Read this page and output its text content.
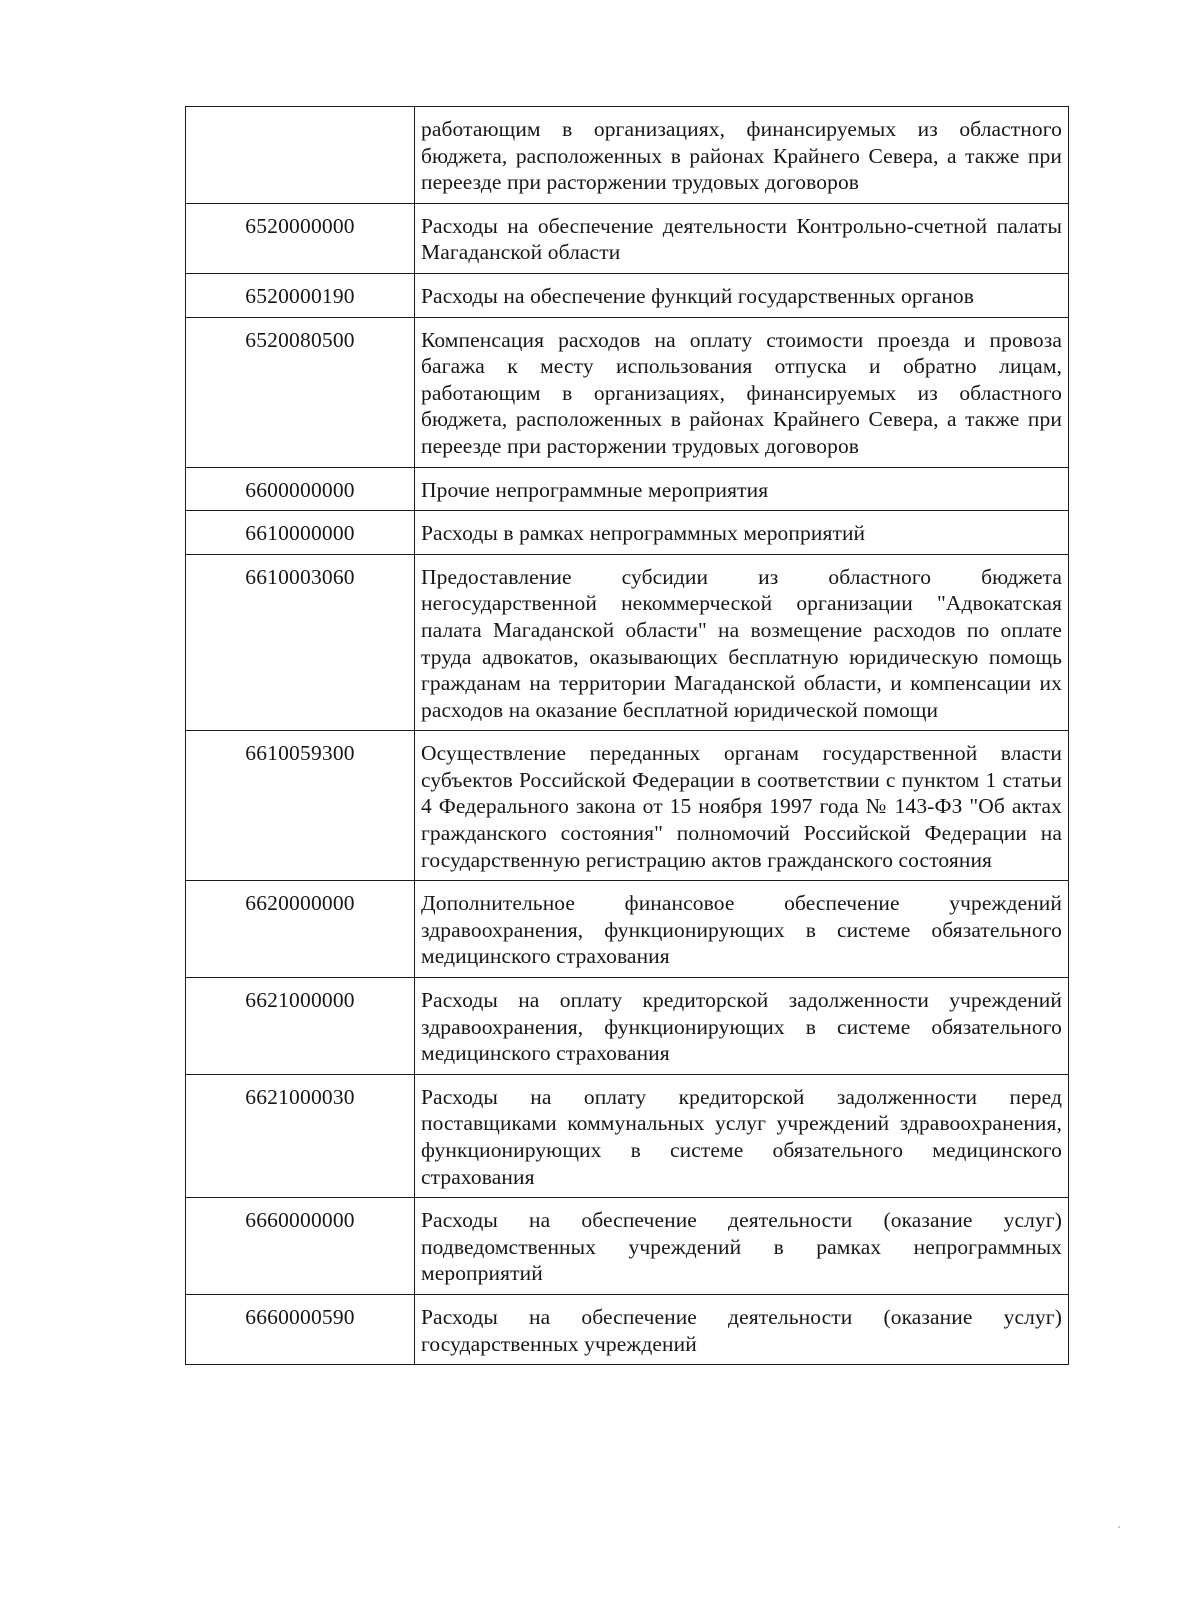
	работающим в организациях, финансируемых из областного бюджета, расположенных в районах Крайнего Севера, а также при переезде при расторжении трудовых договоров
6520000000	Расходы на обеспечение деятельности Контрольно-счетной палаты Магаданской области
6520000190	Расходы на обеспечение функций государственных органов
6520080500	Компенсация расходов на оплату стоимости проезда и провоза багажа к месту использования отпуска и обратно лицам, работающим в организациях, финансируемых из областного бюджета, расположенных в районах Крайнего Севера, а также при переезде при расторжении трудовых договоров
6600000000	Прочие непрограммные мероприятия
6610000000	Расходы в рамках непрограммных мероприятий
6610003060	Предоставление субсидии из областного бюджета негосударственной некоммерческой организации "Адвокатская палата Магаданской области" на возмещение расходов по оплате труда адвокатов, оказывающих бесплатную юридическую помощь гражданам на территории Магаданской области, и компенсации их расходов на оказание бесплатной юридической помощи
6610059300	Осуществление переданных органам государственной власти субъектов Российской Федерации в соответствии с пунктом 1 статьи 4 Федерального закона от 15 ноября 1997 года № 143-ФЗ "Об актах гражданского состояния" полномочий Российской Федерации на государственную регистрацию актов гражданского состояния
6620000000	Дополнительное финансовое обеспечение учреждений здравоохранения, функционирующих в системе обязательного медицинского страхования
6621000000	Расходы на оплату кредиторской задолженности учреждений здравоохранения, функционирующих в системе обязательного медицинского страхования
6621000030	Расходы на оплату кредиторской задолженности перед поставщиками коммунальных услуг учреждений здравоохранения, функционирующих в системе обязательного медицинского страхования
6660000000	Расходы на обеспечение деятельности (оказание услуг) подведомственных учреждений в рамках непрограммных мероприятий
6660000590	Расходы на обеспечение деятельности (оказание услуг) государственных учреждений
